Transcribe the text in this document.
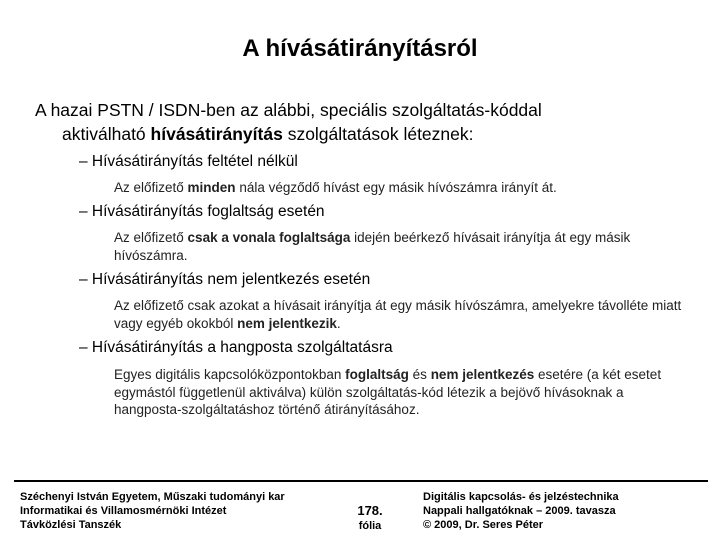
A hívásátirányításról
A hazai PSTN / ISDN-ben az alábbi, speciális szolgáltatás-kóddal
aktiválható hívásátirányítás szolgáltatások léteznek:
– Hívásátirányítás feltétel nélkül
Az előfizető minden nála végződő hívást egy másik hívószámra irányít át.
– Hívásátirányítás foglaltság esetén
Az előfizető csak a vonala foglaltsága idején beérkező hívásait irányítja át egy másik hívószámra.
– Hívásátirányítás nem jelentkezés esetén
Az előfizető csak azokat a hívásait irányítja át egy másik hívószámra, amelyekre távolléte miatt vagy egyéb okokból nem jelentkezik.
– Hívásátirányítás a hangposta szolgáltatásra
Egyes digitális kapcsolóközpontokban foglaltság és nem jelentkezés esetére (a két esetet egymástól függetlenül aktiválva) külön szolgáltatás-kód létezik a bejövő hívásoknak a hangposta-szolgáltatáshoz történő átirányításához.
Széchenyi István Egyetem, Műszaki tudományi kar
Informatikai és Villamosmérnöki Intézet
Távközlési Tanszék
178.
fólia
Digitális kapcsolás- és jelzéstechnika
Nappali hallgatóknak – 2009. tavasza
© 2009, Dr. Seres Péter
